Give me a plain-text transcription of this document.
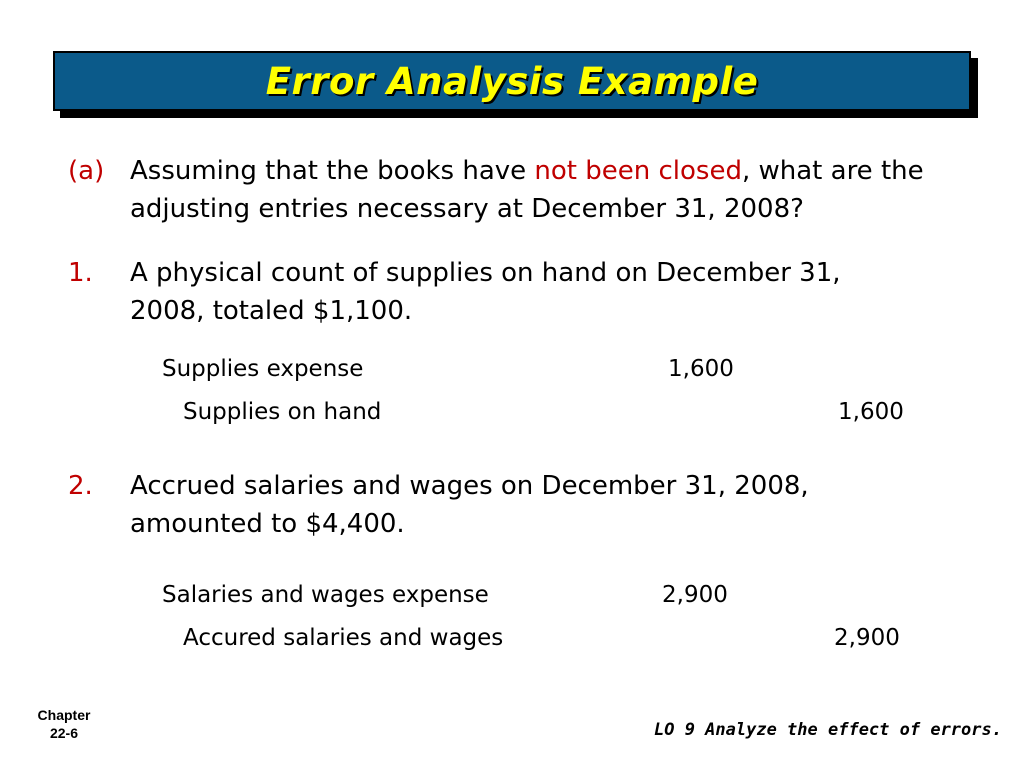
Error Analysis Example
(a) Assuming that the books have not been closed, what are the adjusting entries necessary at December 31, 2008?
1. A physical count of supplies on hand on December 31, 2008, totaled $1,100.
Supplies expense	1,600
Supplies on hand	1,600
2. Accrued salaries and wages on December 31, 2008, amounted to $4,400.
Salaries and wages expense	2,900
Accured salaries and wages	2,900
Chapter
22-6	LO 9 Analyze the effect of errors.
